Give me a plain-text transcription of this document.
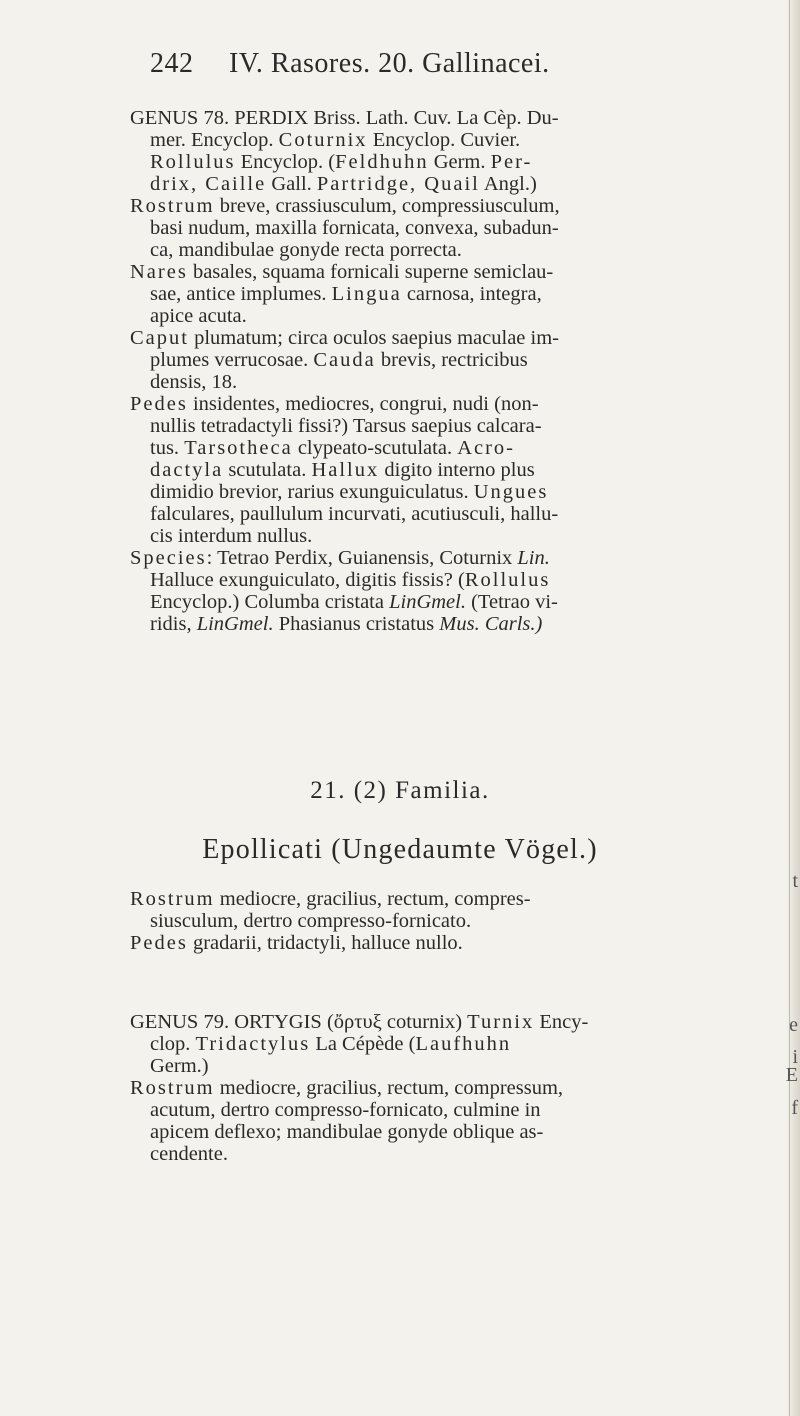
t
e
i
E
f
242 IV. Rasores. 20. Gallinacei.
GENUS 78. PERDIX Briss. Lath. Cuv. La Cèp. Du-
mer. Encyclop. Coturnix Encyclop. Cuvier.
Rollulus Encyclop. (Feldhuhn Germ. Per-
drix, Caille Gall. Partridge, Quail Angl.)
Rostrum breve, crassiusculum, compressiusculum,
basi nudum, maxilla fornicata, convexa, subadun-
ca, mandibulae gonyde recta porrecta.
Nares basales, squama fornicali superne semiclau-
sae, antice implumes. Lingua carnosa, integra,
apice acuta.
Caput plumatum; circa oculos saepius maculae im-
plumes verrucosae. Cauda brevis, rectricibus
densis, 18.
Pedes insidentes, mediocres, congrui, nudi (non-
nullis tetradactyli fissi?) Tarsus saepius calcara-
tus. Tarsotheca clypeato-scutulata. Acro-
dactyla scutulata. Hallux digito interno plus
dimidio brevior, rarius exunguiculatus. Ungues
falculares, paullulum incurvati, acutiusculi, hallu-
cis interdum nullus.
Species: Tetrao Perdix, Guianensis, Coturnix Lin.
Halluce exunguiculato, digitis fissis? (Rollulus
Encyclop.) Columba cristata LinGmel. (Tetrao vi-
ridis, LinGmel. Phasianus cristatus Mus. Carls.)
21. (2) Familia.
Epollicati (Ungedaumte Vögel.)
Rostrum mediocre, gracilius, rectum, compres-
siusculum, dertro compresso-fornicato.
Pedes gradarii, tridactyli, halluce nullo.
GENUS 79. ORTYGIS (ὄρτυξ coturnix) Turnix Ency-
clop. Tridactylus La Cépède (Laufhuhn
Germ.)
Rostrum mediocre, gracilius, rectum, compressum,
acutum, dertro compresso-fornicato, culmine in
apicem deflexo; mandibulae gonyde oblique as-
cendente.
